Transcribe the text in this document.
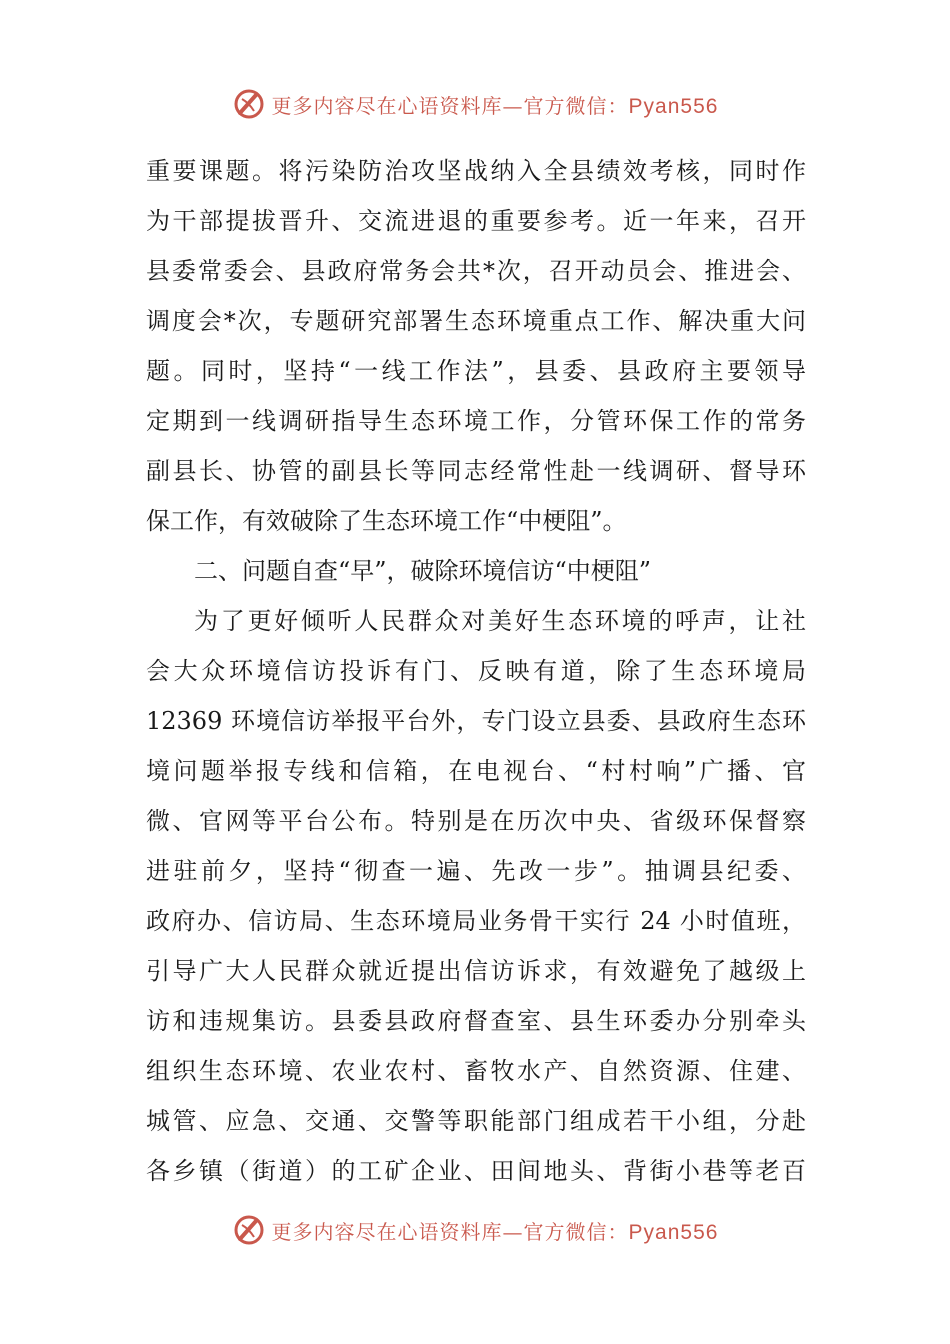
更多内容尽在心语资料库—官方微信：Pyan556
重要课题。将污染防治攻坚战纳入全县绩效考核，同时作
为干部提拔晋升、交流进退的重要参考。近一年来，召开
县委常委会、县政府常务会共*次，召开动员会、推进会、
调度会*次，专题研究部署生态环境重点工作、解决重大问
题。同时，坚持“一线工作法”，县委、县政府主要领导
定期到一线调研指导生态环境工作，分管环保工作的常务
副县长、协管的副县长等同志经常性赴一线调研、督导环
保工作，有效破除了生态环境工作“中梗阻”。
二、问题自查“早”，破除环境信访“中梗阻”
为了更好倾听人民群众对美好生态环境的呼声，让社
会大众环境信访投诉有门、反映有道，除了生态环境局
12369 环境信访举报平台外，专门设立县委、县政府生态环
境问题举报专线和信箱，在电视台、“村村响”广播、官
微、官网等平台公布。特别是在历次中央、省级环保督察
进驻前夕，坚持“彻查一遍、先改一步”。抽调县纪委、
政府办、信访局、生态环境局业务骨干实行 24 小时值班，
引导广大人民群众就近提出信访诉求，有效避免了越级上
访和违规集访。县委县政府督查室、县生环委办分别牵头
组织生态环境、农业农村、畜牧水产、自然资源、住建、
城管、应急、交通、交警等职能部门组成若干小组，分赴
各乡镇（街道）的工矿企业、田间地头、背街小巷等老百
更多内容尽在心语资料库—官方微信：Pyan556
